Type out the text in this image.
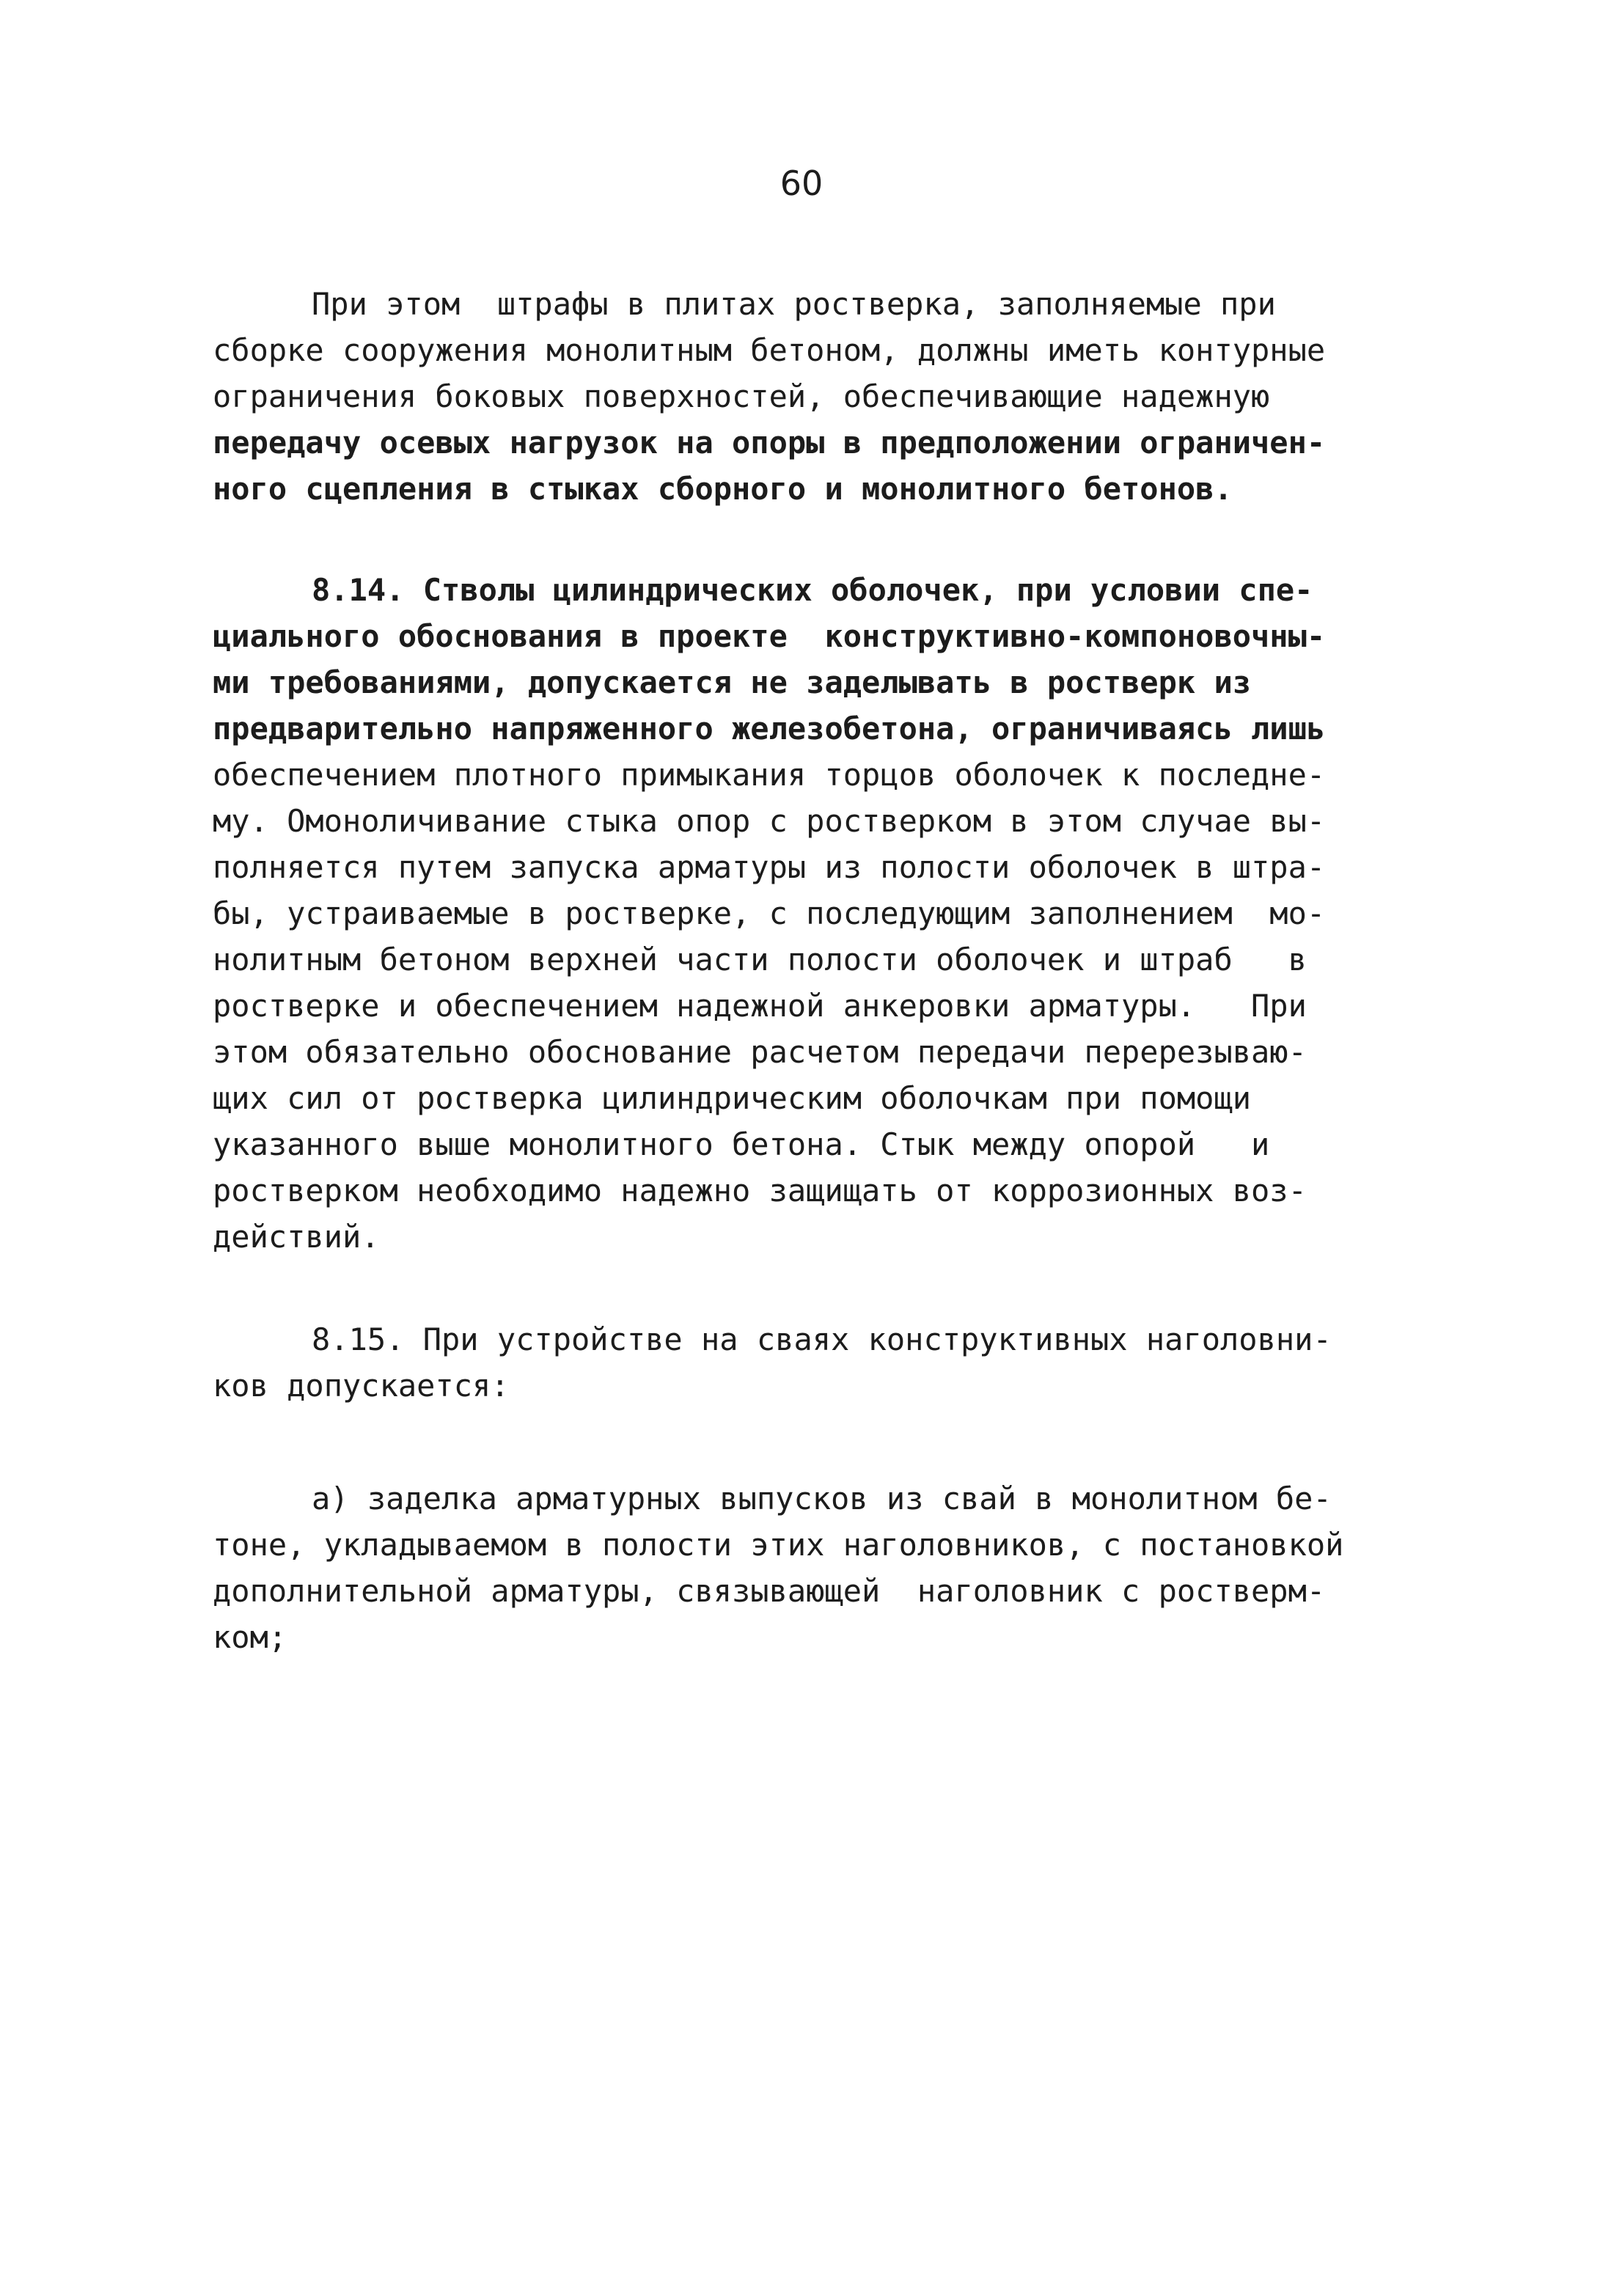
60
При этом  штрафы в плитах ростверка, заполняемые при
сборке сооружения монолитным бетоном, должны иметь контурные
ограничения боковых поверхностей, обеспечивающие надежную
передачу осевых нагрузок на опоры в предположении ограничен-
ного сцепления в стыках сборного и монолитного бетонов.
8.14. Стволы цилиндрических оболочек, при условии спе-
циального обоснования в проекте  конструктивно-компоновочны-
ми требованиями, допускается не заделывать в ростверк из
предварительно напряженного железобетона, ограничиваясь лишь
обеспечением плотного примыкания торцов оболочек к последне-
му. Омоноличивание стыка опор с ростверком в этом случае вы-
полняется путем запуска арматуры из полости оболочек в штра-
бы, устраиваемые в ростверке, с последующим заполнением  мо-
нолитным бетоном верхней части полости оболочек и штраб   в
ростверке и обеспечением надежной анкеровки арматуры.   При
этом обязательно обоснование расчетом передачи перерезываю-
щих сил от ростверка цилиндрическим оболочкам при помощи
указанного выше монолитного бетона. Стык между опорой   и
ростверком необходимо надежно защищать от коррозионных воз-
действий.
8.15. При устройстве на сваях конструктивных наголовни-
ков допускается:
а) заделка арматурных выпусков из свай в монолитном бе-
тоне, укладываемом в полости этих наголовников, с постановкой
дополнительной арматуры, связывающей  наголовник с ростверм-
ком;
